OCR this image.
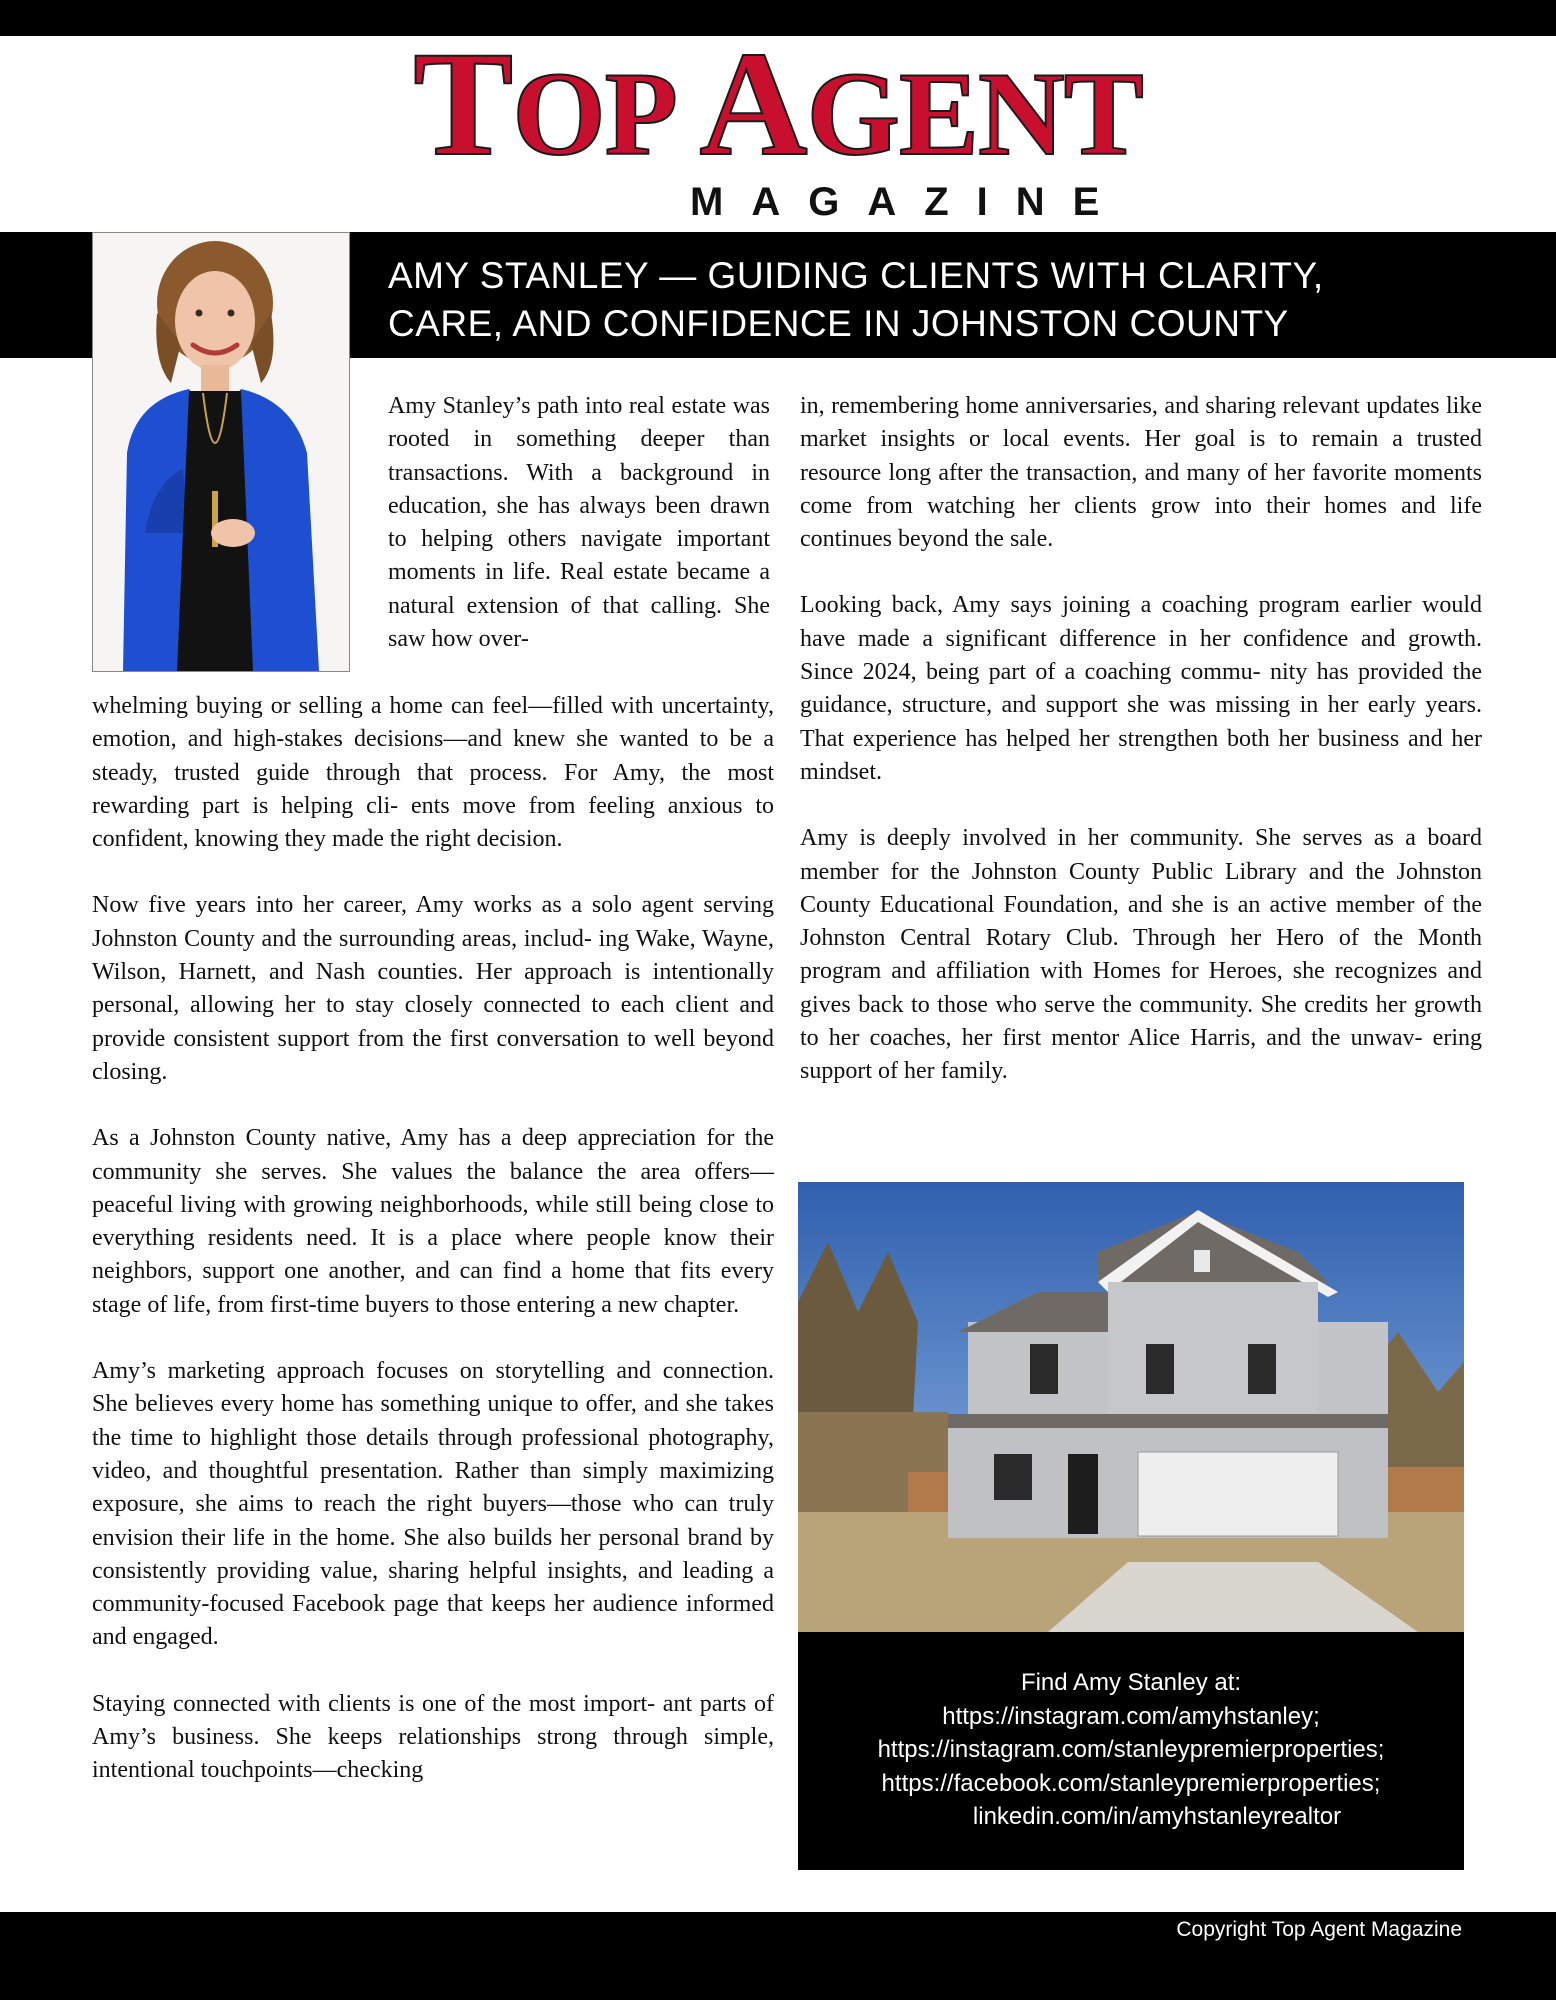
TOP AGENT
MAGAZINE
AMY STANLEY — GUIDING CLIENTS WITH CLARITY,
CARE, AND CONFIDENCE IN JOHNSTON COUNTY

Amy Stanley’s path into real estate was rooted in something deeper than transactions. With a background in education, she has always been drawn to helping others navigate important moments in life. Real estate became a natural extension of that calling. She saw how over-

whelming buying or selling a home can feel—filled with uncertainty, emotion, and high-stakes decisions—and knew she wanted to be a steady, trusted guide through that process. For Amy, the most rewarding part is helping cli- ents move from feeling anxious to confident, knowing they made the right decision.

Now five years into her career, Amy works as a solo agent serving Johnston County and the surrounding areas, includ- ing Wake, Wayne, Wilson, Harnett, and Nash counties. Her approach is intentionally personal, allowing her to stay closely connected to each client and provide consistent support from the first conversation to well beyond closing.

As a Johnston County native, Amy has a deep appreciation for the community she serves. She values the balance the area offers—peaceful living with growing neighborhoods, while still being close to everything residents need. It is a place where people know their neighbors, support one another, and can find a home that fits every stage of life, from first-time buyers to those entering a new chapter.

Amy’s marketing approach focuses on storytelling and connection. She believes every home has something unique to offer, and she takes the time to highlight those details through professional photography, video, and thoughtful presentation. Rather than simply maximizing exposure, she aims to reach the right buyers—those who can truly envision their life in the home. She also builds her personal brand by consistently providing value, sharing helpful insights, and leading a community-focused Facebook page that keeps her audience informed and engaged.

Staying connected with clients is one of the most import- ant parts of Amy’s business. She keeps relationships strong through simple, intentional touchpoints—checking

in, remembering home anniversaries, and sharing relevant updates like market insights or local events. Her goal is to remain a trusted resource long after the transaction, and many of her favorite moments come from watching her clients grow into their homes and life continues beyond the sale.

Looking back, Amy says joining a coaching program earlier would have made a significant difference in her confidence and growth. Since 2024, being part of a coaching commu- nity has provided the guidance, structure, and support she was missing in her early years. That experience has helped her strengthen both her business and her mindset.

Amy is deeply involved in her community. She serves as a board member for the Johnston County Public Library and the Johnston County Educational Foundation, and she is an active member of the Johnston Central Rotary Club. Through her Hero of the Month program and affiliation with Homes for Heroes, she recognizes and gives back to those who serve the community. She credits her growth to her coaches, her first mentor Alice Harris, and the unwav- ering support of her family.

Find Amy Stanley at:
https://instagram.com/amyhstanley;
https://instagram.com/stanleypremierproperties;
https://facebook.com/stanleypremierproperties;
linkedin.com/in/amyhstanleyrealtor
Copyright Top Agent Magazine
